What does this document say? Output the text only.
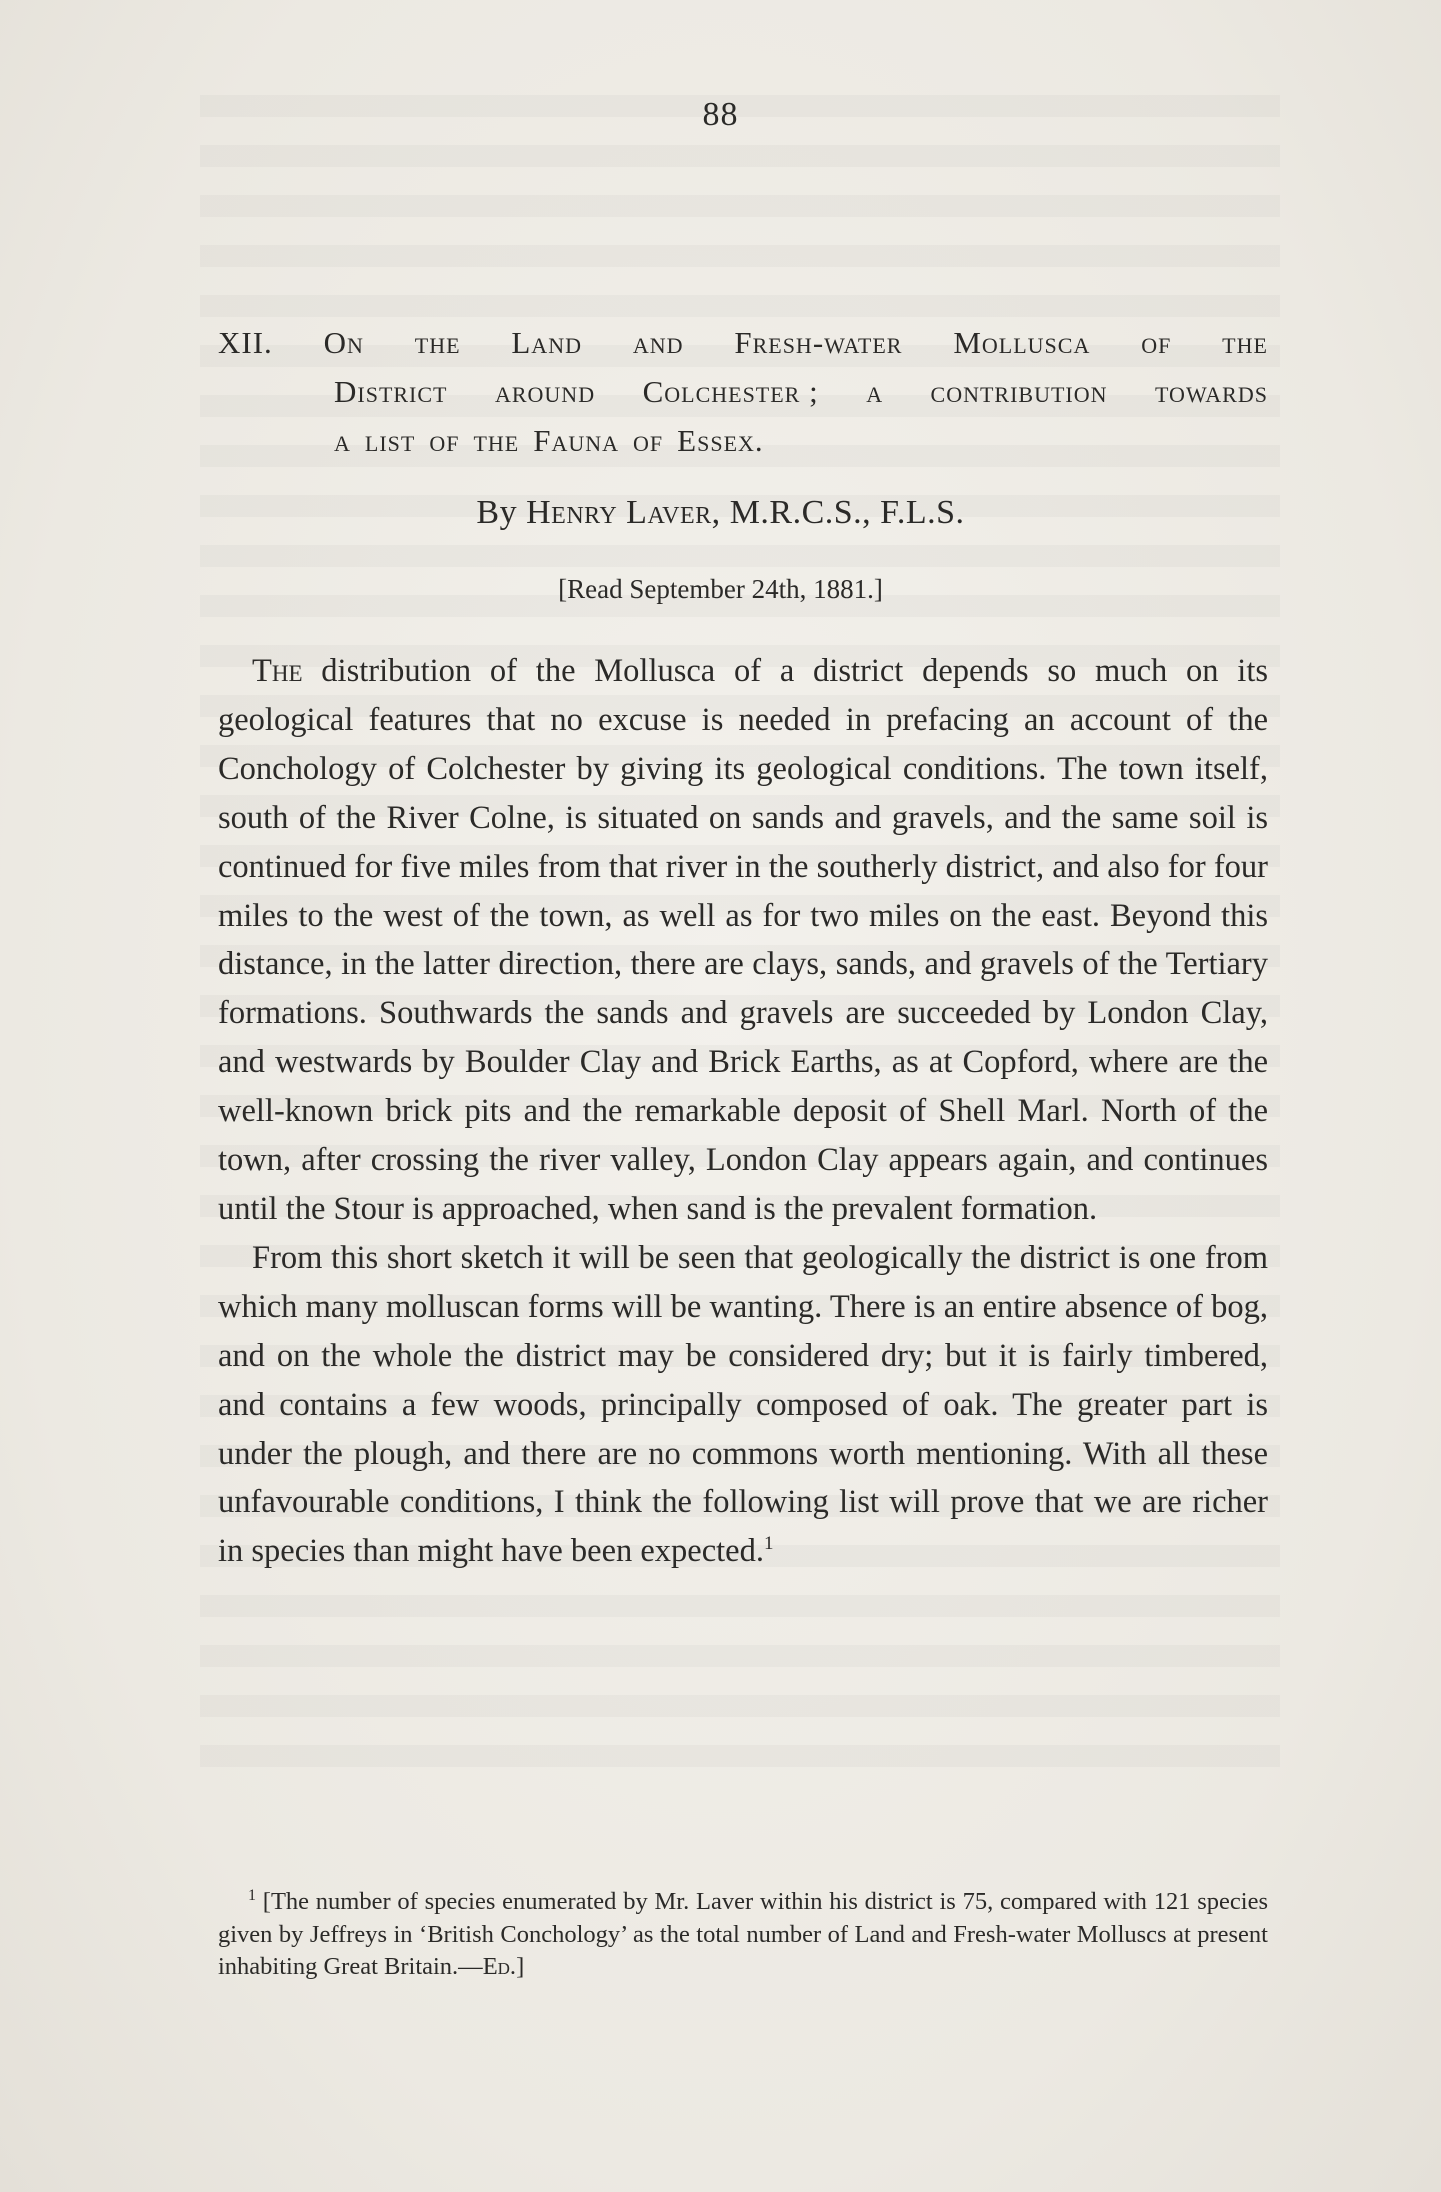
88
XII. On the Land and Fresh-water Mollusca of the
District around Colchester ; a contribution towards
a list of the Fauna of Essex.
By Henry Laver, M.R.C.S., F.L.S.
[Read September 24th, 1881.]

The distribution of the Mollusca of a district depends so much on its geological features that no excuse is needed in prefacing an account of the Conchology of Colchester by giving its geological conditions. The town itself, south of the River Colne, is situated on sands and gravels, and the same soil is continued for five miles from that river in the southerly district, and also for four miles to the west of the town, as well as for two miles on the east. Beyond this distance, in the latter direction, there are clays, sands, and gravels of the Tertiary formations. Southwards the sands and gravels are succeeded by London Clay, and westwards by Boulder Clay and Brick Earths, as at Copford, where are the well-known brick pits and the remarkable deposit of Shell Marl. North of the town, after crossing the river valley, London Clay appears again, and continues until the Stour is approached, when sand is the prevalent formation.

From this short sketch it will be seen that geologically the district is one from which many molluscan forms will be wanting. There is an entire absence of bog, and on the whole the district may be considered dry; but it is fairly timbered, and contains a few woods, principally composed of oak. The greater part is under the plough, and there are no commons worth mentioning. With all these unfavourable conditions, I think the following list will prove that we are richer in species than might have been expected.$^1$

$^1$ [The number of species enumerated by Mr. Laver within his district is 75, compared with 121 species given by Jeffreys in ‘British Conchology’ as the total number of Land and Fresh-water Molluscs at present inhabiting Great Britain.—Ed.]
